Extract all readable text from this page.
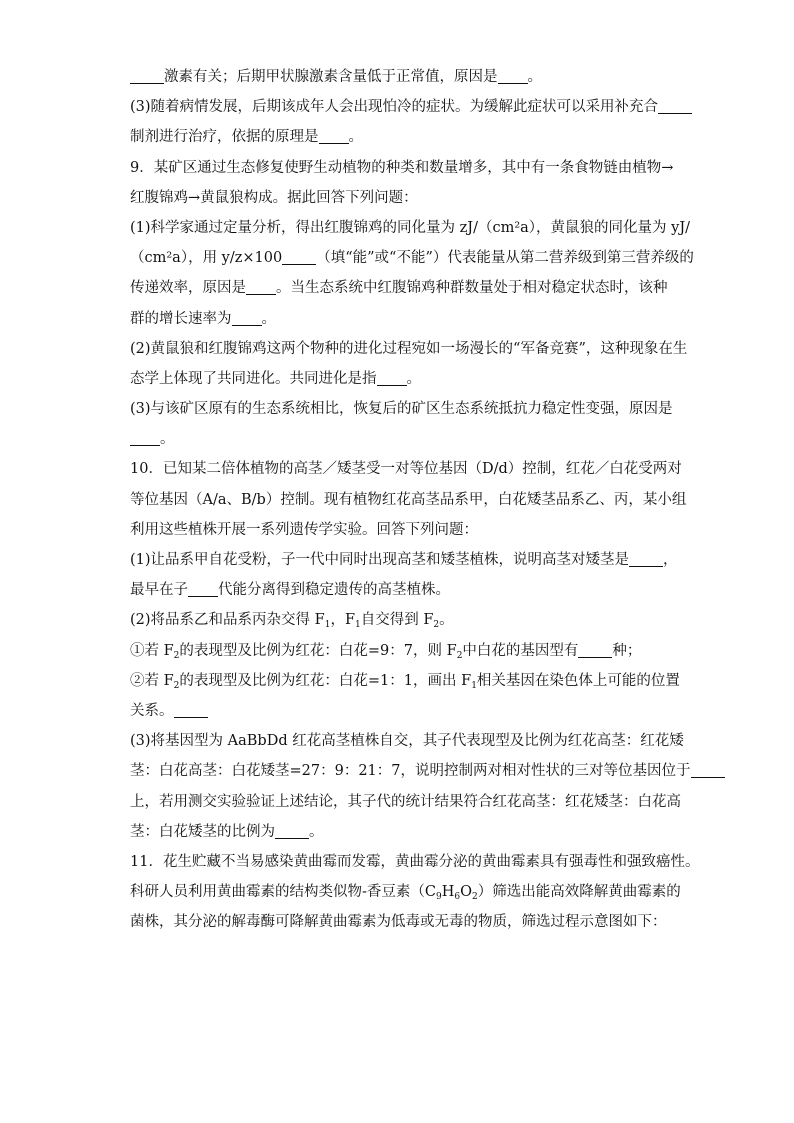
激素有关；后期甲状腺激素含量低于正常值，原因是 。
(3)随着病情发展，后期该成年人会出现怕冷的症状。为缓解此症状可以采用补充合
制剂进行治疗，依据的原理是 。
9．某矿区通过生态修复使野生动植物的种类和数量增多，其中有一条食物链由植物→
红腹锦鸡→黄鼠狼构成。据此回答下列问题：
(1)科学家通过定量分析，得出红腹锦鸡的同化量为 zJ/（cm²a），黄鼠狼的同化量为 yJ/
（cm²a），用 y/z×100 （填“能”或“不能”）代表能量从第二营养级到第三营养级的
传递效率，原因是 。当生态系统中红腹锦鸡种群数量处于相对稳定状态时，该种
群的增长速率为 。
(2)黄鼠狼和红腹锦鸡这两个物种的进化过程宛如一场漫长的“军备竞赛”，这种现象在生
态学上体现了共同进化。共同进化是指 。
(3)与该矿区原有的生态系统相比，恢复后的矿区生态系统抵抗力稳定性变强，原因是
。
10．已知某二倍体植物的高茎／矮茎受一对等位基因（D/d）控制，红花／白花受两对
等位基因（A/a、B/b）控制。现有植物红花高茎品系甲，白花矮茎品系乙、丙，某小组
利用这些植株开展一系列遗传学实验。回答下列问题：
(1)让品系甲自花受粉，子一代中同时出现高茎和矮茎植株，说明高茎对矮茎是 ，
最早在子 代能分离得到稳定遗传的高茎植株。
(2)将品系乙和品系丙杂交得 $F_1$，$F_1$自交得到 $F_2$。
①若 $F_2$的表现型及比例为红花：白花=9：7，则 $F_2$中白花的基因型有 种；
②若 $F_2$的表现型及比例为红花：白花=1：1，画出 $F_1$相关基因在染色体上可能的位置
关系。
(3)将基因型为 AaBbDd 红花高茎植株自交，其子代表现型及比例为红花高茎：红花矮
茎：白花高茎：白花矮茎=27：9：21：7，说明控制两对相对性状的三对等位基因位于
上，若用测交实验验证上述结论，其子代的统计结果符合红花高茎：红花矮茎：白花高
茎：白花矮茎的比例为 。
11．花生贮藏不当易感染黄曲霉而发霉，黄曲霉分泌的黄曲霉素具有强毒性和强致癌性。
科研人员利用黄曲霉素的结构类似物-香豆素$(C_9H_6O_2)$筛选出能高效降解黄曲霉素的
菌株，其分泌的解毒酶可降解黄曲霉素为低毒或无毒的物质，筛选过程示意图如下：
